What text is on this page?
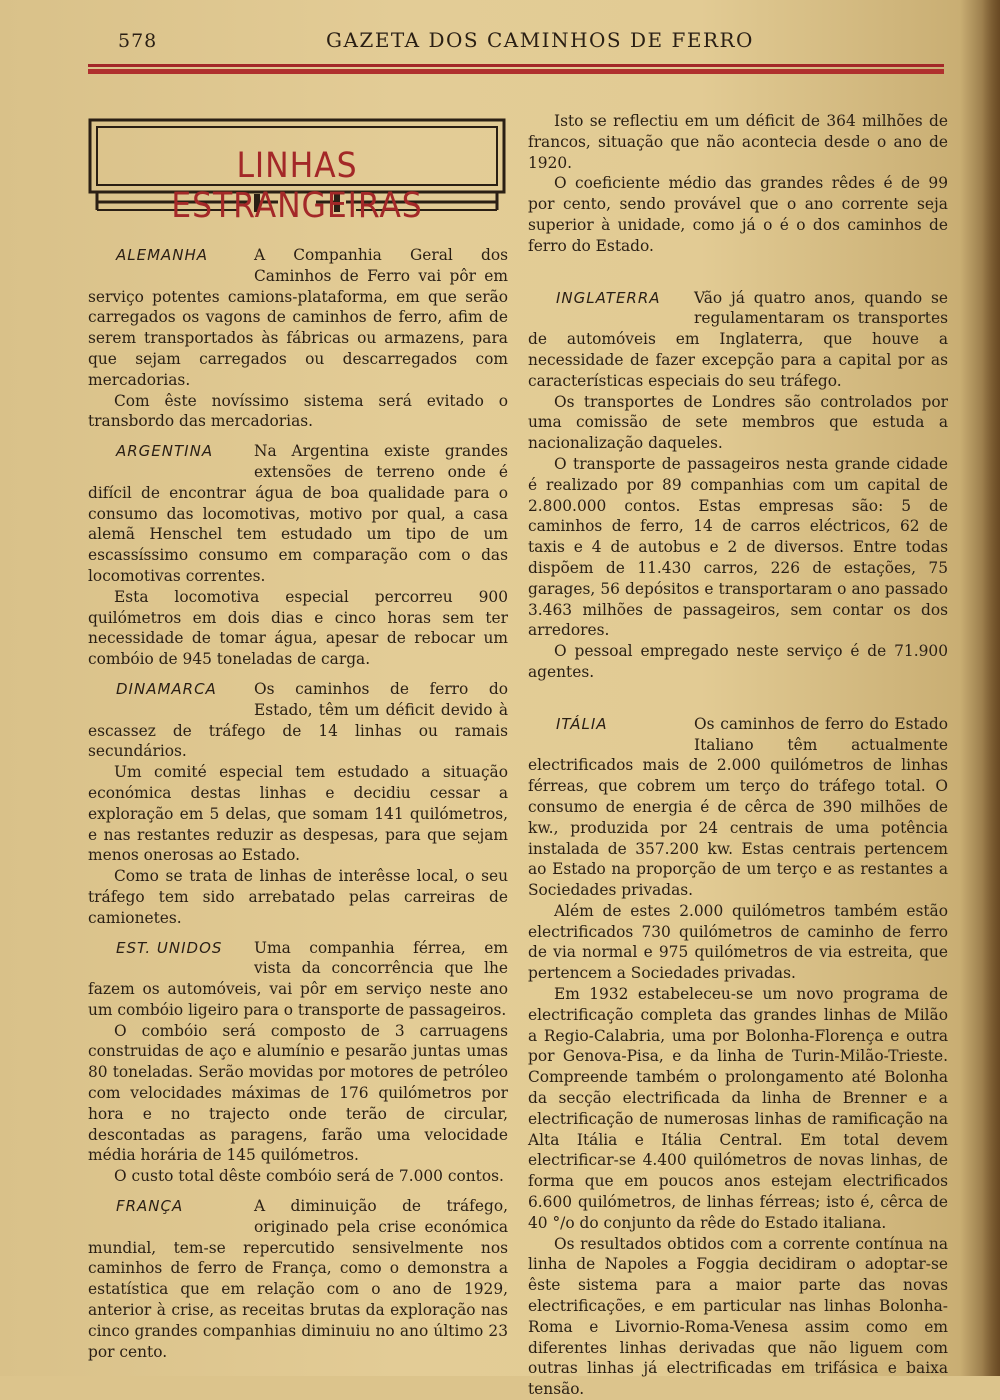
578	GAZETA DOS CAMINHOS DE FERRO
LINHAS ESTRANGEIRAS

ALEMANHA	A Companhia Geral dos Caminhos de Ferro vai pôr em serviço potentes camions-plataforma, em que serão carregados os vagons de caminhos de ferro, afim de serem transportados às fábricas ou armazens, para que sejam carregados ou descarregados com mercadorias.

Com êste novíssimo sistema será evitado o transbordo das mercadorias.

ARGENTINA	Na Argentina existe grandes extensões de terreno onde é difícil de encontrar água de boa qualidade para o consumo das locomotivas, motivo por qual, a casa alemã Henschel tem estudado um tipo de um escassíssimo consumo em comparação com o das locomotivas correntes.

Esta locomotiva especial percorreu 900 quilómetros em dois dias e cinco horas sem ter necessidade de tomar água, apesar de rebocar um combóio de 945 toneladas de carga.

DINAMARCA	Os caminhos de ferro do Estado, têm um déficit devido à escassez de tráfego de 14 linhas ou ramais secundários.

Um comité especial tem estudado a situação económica destas linhas e decidiu cessar a exploração em 5 delas, que somam 141 quilómetros, e nas restantes reduzir as despesas, para que sejam menos onerosas ao Estado.

Como se trata de linhas de interêsse local, o seu tráfego tem sido arrebatado pelas carreiras de camionetes.

EST. UNIDOS	Uma companhia férrea, em vista da concorrência que lhe fazem os automóveis, vai pôr em serviço neste ano um combóio ligeiro para o transporte de passageiros.

O combóio será composto de 3 carruagens construidas de aço e alumínio e pesarão juntas umas 80 toneladas. Serão movidas por motores de petróleo com velocidades máximas de 176 quilómetros por hora e no trajecto onde terão de circular, descontadas as paragens, farão uma velocidade média horária de 145 quilómetros.

O custo total dêste combóio será de 7.000 contos.

FRANÇA	A diminuição de tráfego, originado pela crise económica mundial, tem-se repercutido sensivelmente nos caminhos de ferro de França, como o demonstra a estatística que em relação com o ano de 1929, anterior à crise, as receitas brutas da exploração nas cinco grandes companhias diminuiu no ano último 23 por cento.

Isto se reflectiu em um déficit de 364 milhões de francos, situação que não acontecia desde o ano de 1920.

O coeficiente médio das grandes rêdes é de 99 por cento, sendo provável que o ano corrente seja superior à unidade, como já o é o dos caminhos de ferro do Estado.

INGLATERRA	Vão já quatro anos, quando se regulamentaram os transportes de automóveis em Inglaterra, que houve a necessidade de fazer excepção para a capital por as características especiais do seu tráfego.

Os transportes de Londres são controlados por uma comissão de sete membros que estuda a nacionalização daqueles.

O transporte de passageiros nesta grande cidade é realizado por 89 companhias com um capital de 2.800.000 contos. Estas empresas são: 5 de caminhos de ferro, 14 de carros eléctricos, 62 de taxis e 4 de autobus e 2 de diversos. Entre todas dispõem de 11.430 carros, 226 de estações, 75 garages, 56 depósitos e transportaram o ano passado 3.463 milhões de passageiros, sem contar os dos arredores.

O pessoal empregado neste serviço é de 71.900 agentes.

ITÁLIA	Os caminhos de ferro do Estado Italiano têm actualmente electrificados mais de 2.000 quilómetros de linhas férreas, que cobrem um terço do tráfego total. O consumo de energia é de cêrca de 390 milhões de kw., produzida por 24 centrais de uma potência instalada de 357.200 kw. Estas centrais pertencem ao Estado na proporção de um terço e as restantes a Sociedades privadas.

Além de estes 2.000 quilómetros também estão electrificados 730 quilómetros de caminho de ferro de via normal e 975 quilómetros de via estreita, que pertencem a Sociedades privadas.

Em 1932 estabeleceu-se um novo programa de electrificação completa das grandes linhas de Milão a Regio-Calabria, uma por Bolonha-Florença e outra por Genova-Pisa, e da linha de Turin-Milão-Trieste. Compreende também o prolongamento até Bolonha da secção electrificada da linha de Brenner e a electrificação de numerosas linhas de ramificação na Alta Itália e Itália Central. Em total devem electrificar-se 4.400 quilómetros de novas linhas, de forma que em poucos anos estejam electrificados 6.600 quilómetros, de linhas férreas; isto é, cêrca de 40 °/o do conjunto da rêde do Estado italiana.

Os resultados obtidos com a corrente contínua na linha de Napoles a Foggia decidiram o adoptar-se êste sistema para a maior parte das novas electrificações, e em particular nas linhas Bolonha-Roma e Livornio-Roma-Venesa assim como em diferentes linhas derivadas que não liguem com outras linhas já electrificadas em trifásica e baixa tensão.
